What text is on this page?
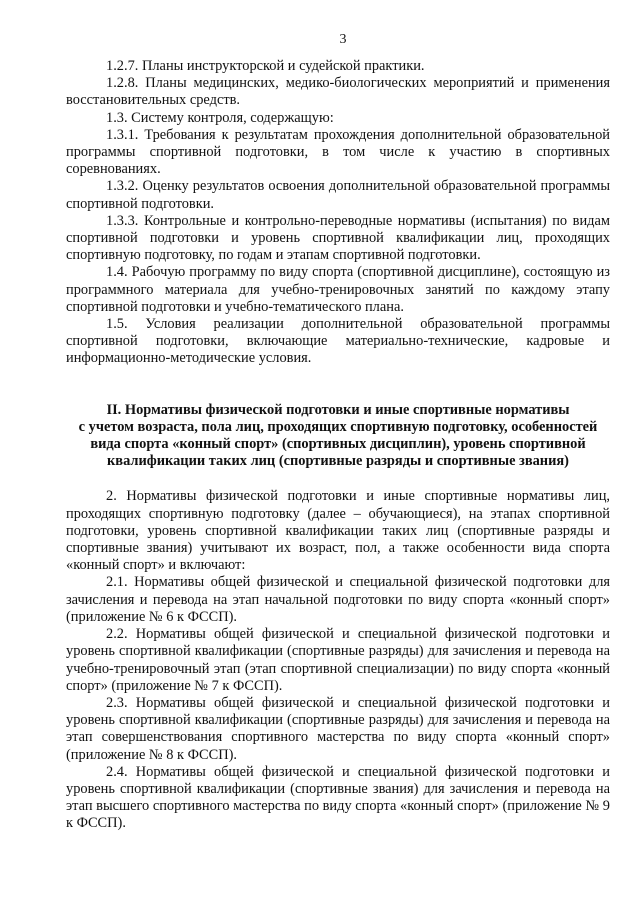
3

1.2.7. Планы инструкторской и судейской практики.

1.2.8. Планы медицинских, медико-биологических мероприятий и применения восстановительных средств.

1.3. Систему контроля, содержащую:

1.3.1. Требования к результатам прохождения дополнительной образовательной программы спортивной подготовки, в том числе к участию в спортивных соревнованиях.

1.3.2. Оценку результатов освоения дополнительной образовательной программы спортивной подготовки.

1.3.3. Контрольные и контрольно-переводные нормативы (испытания) по видам спортивной подготовки и уровень спортивной квалификации лиц, проходящих спортивную подготовку, по годам и этапам спортивной подготовки.

1.4. Рабочую программу по виду спорта (спортивной дисциплине), состоящую из программного материала для учебно-тренировочных занятий по каждому этапу спортивной подготовки и учебно-тематического плана.

1.5. Условия реализации дополнительной образовательной программы спортивной подготовки, включающие материально-технические, кадровые и информационно-методические условия.

II. Нормативы физической подготовки и иные спортивные нормативы
с учетом возраста, пола лиц, проходящих спортивную подготовку, особенностей
вида спорта «конный спорт» (спортивных дисциплин), уровень спортивной
квалификации таких лиц (спортивные разряды и спортивные звания)

2. Нормативы физической подготовки и иные спортивные нормативы лиц, проходящих спортивную подготовку (далее – обучающиеся), на этапах спортивной подготовки, уровень спортивной квалификации таких лиц (спортивные разряды и спортивные звания) учитывают их возраст, пол, а также особенности вида спорта «конный спорт» и включают:

2.1. Нормативы общей физической и специальной физической подготовки для зачисления и перевода на этап начальной подготовки по виду спорта «конный спорт» (приложение № 6 к ФССП).

2.2. Нормативы общей физической и специальной физической подготовки и уровень спортивной квалификации (спортивные разряды) для зачисления и перевода на учебно-тренировочный этап (этап спортивной специализации) по виду спорта «конный спорт» (приложение № 7 к ФССП).

2.3. Нормативы общей физической и специальной физической подготовки и уровень спортивной квалификации (спортивные разряды) для зачисления и перевода на этап совершенствования спортивного мастерства по виду спорта «конный спорт» (приложение № 8 к ФССП).

2.4. Нормативы общей физической и специальной физической подготовки и уровень спортивной квалификации (спортивные звания) для зачисления и перевода на этап высшего спортивного мастерства по виду спорта «конный спорт» (приложение № 9 к ФССП).
